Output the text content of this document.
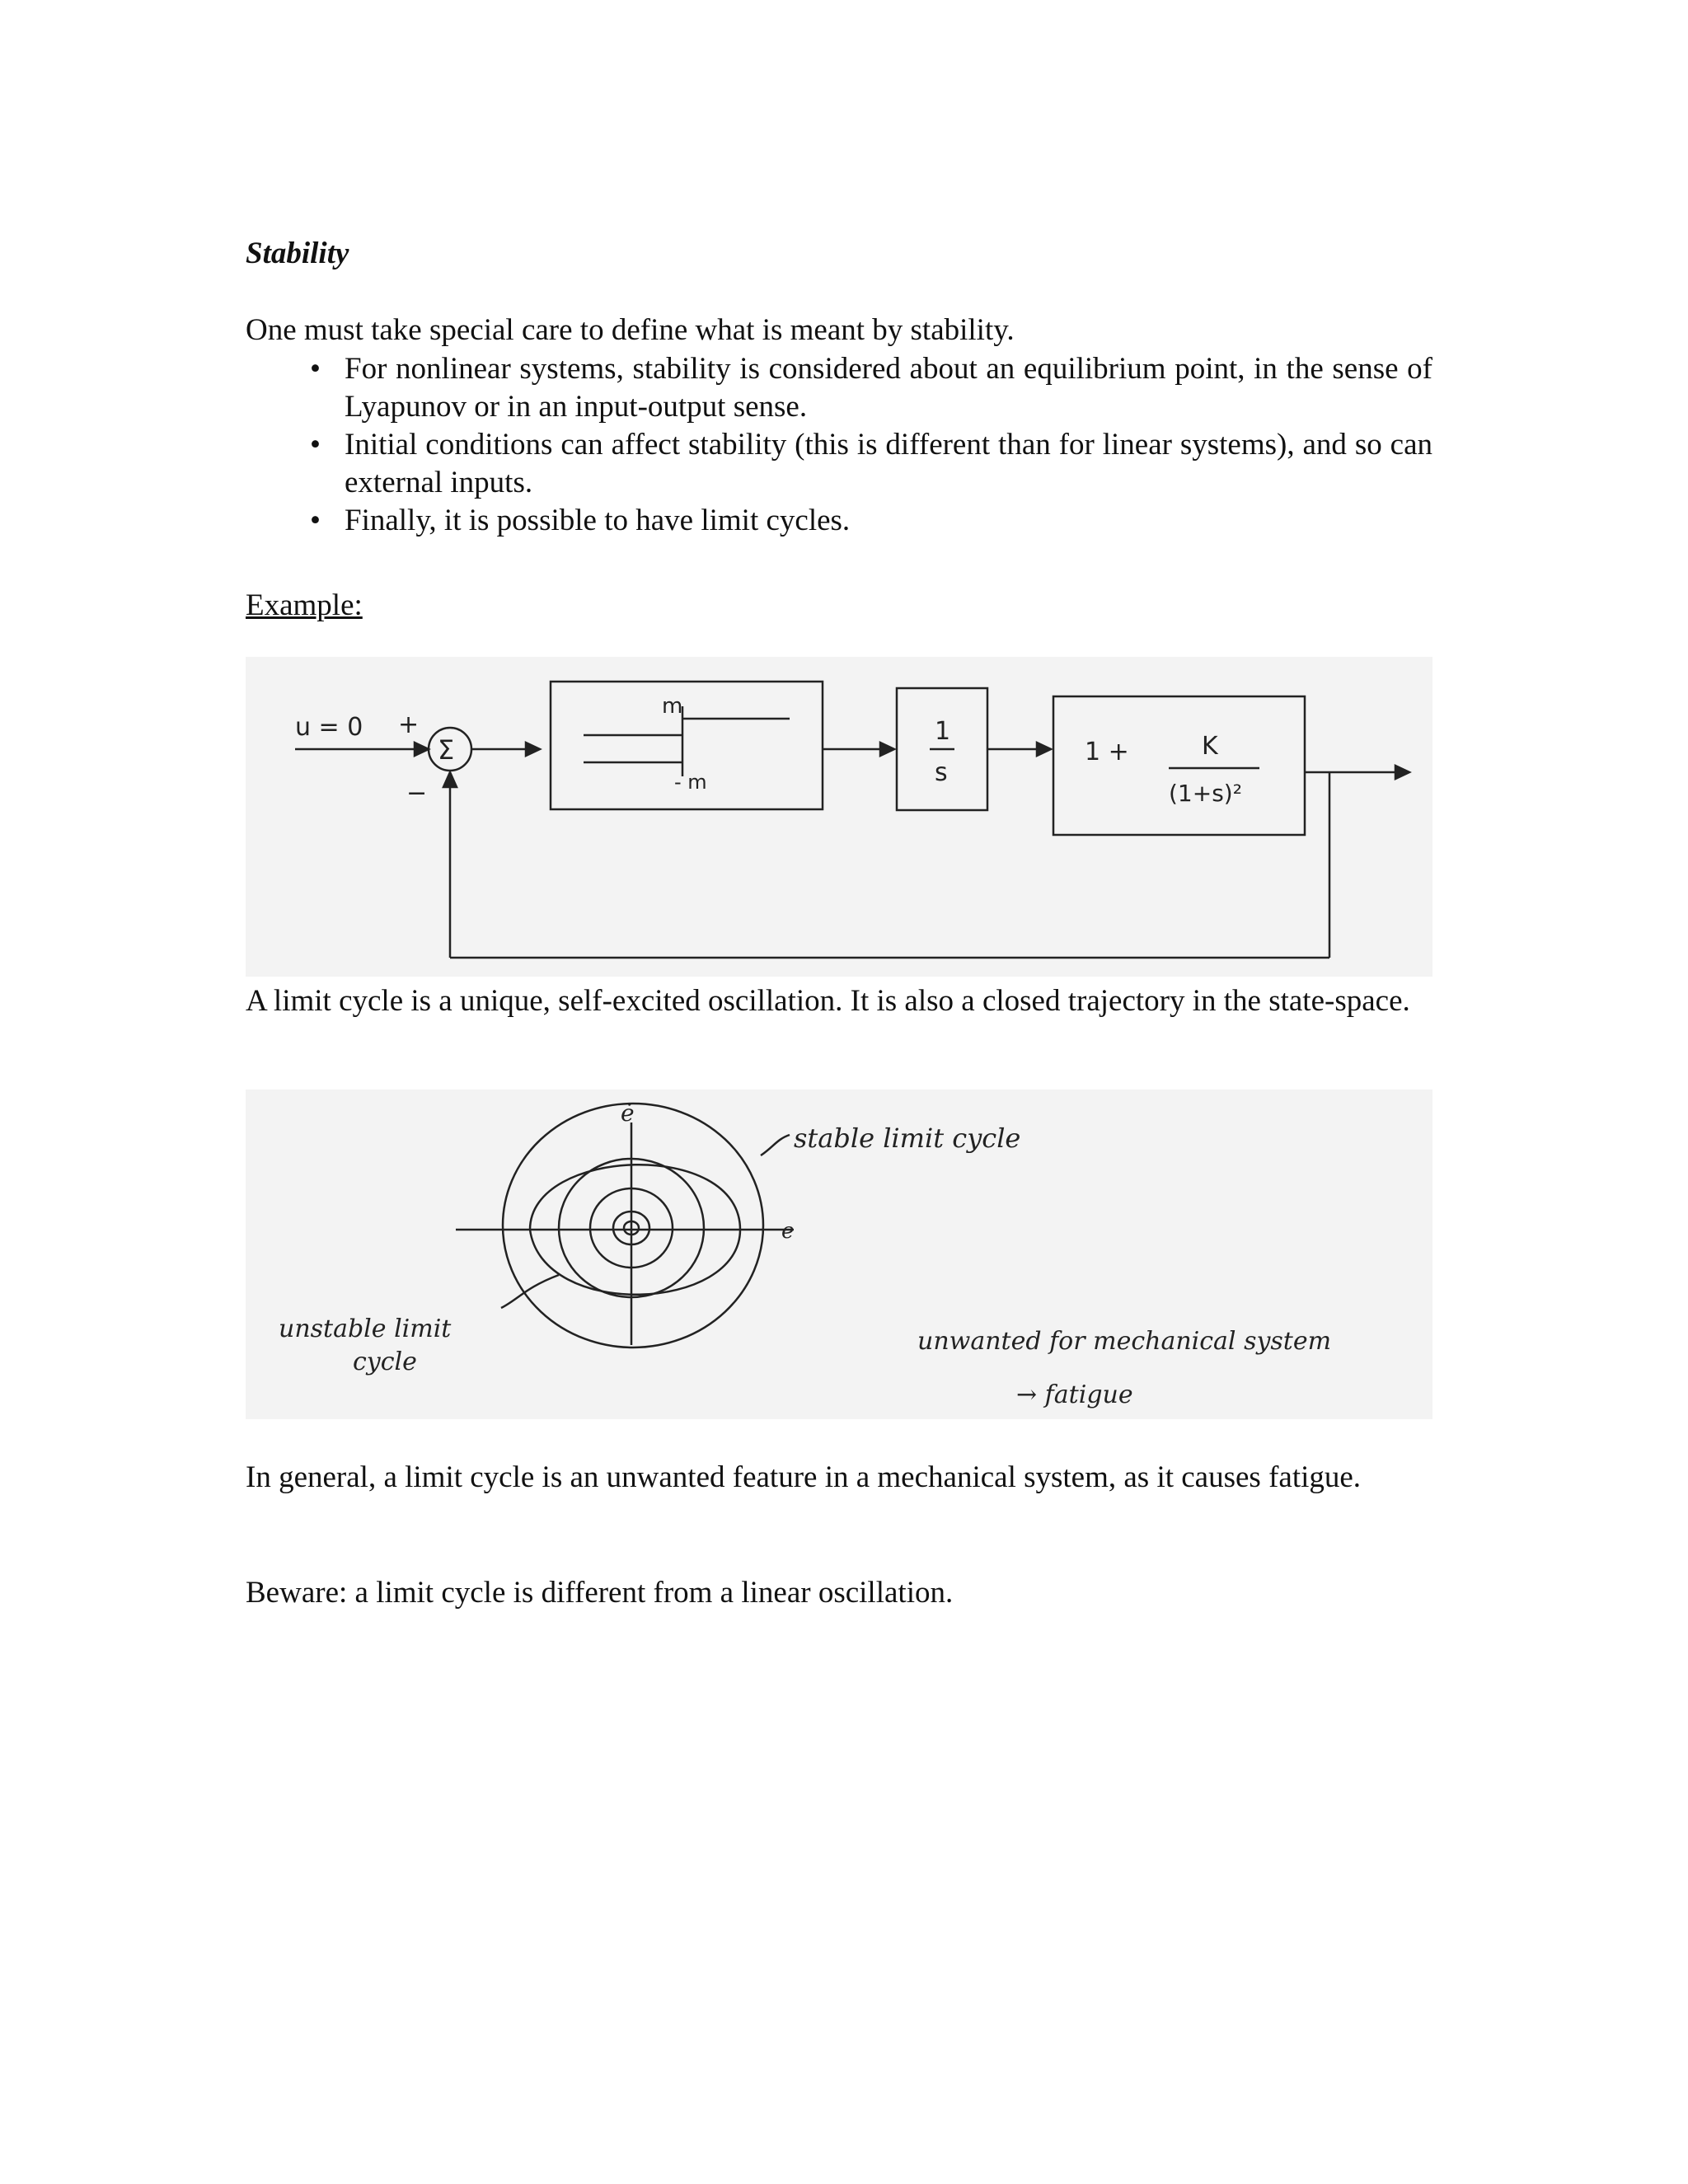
Stability
One must take special care to define what is meant by stability.
• For nonlinear systems, stability is considered about an equilibrium point, in the sense of Lyapunov or in an input-output sense.
• Initial conditions can affect stability (this is different than for linear systems), and so can external inputs.
• Finally, it is possible to have limit cycles.
Example:
u = 0 +
−
Σ
m
- m
1
s
1 +	K
(1+s)²
A limit cycle is a unique, self-excited oscillation. It is also a closed trajectory in the state-space.
ė
e
stable limit cycle
unstable limit
cycle
unwanted for mechanical system
→ fatigue
In general, a limit cycle is an unwanted feature in a mechanical system, as it causes fatigue.
Beware: a limit cycle is different from a linear oscillation.
